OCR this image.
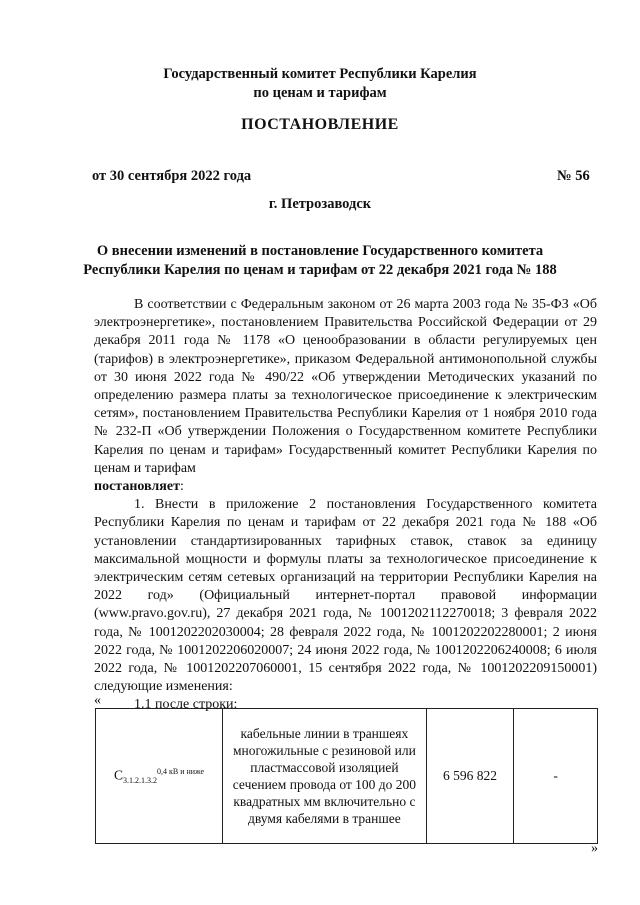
Государственный комитет Республики Карелия
по ценам и тарифам
ПОСТАНОВЛЕНИЕ
от 30 сентября 2022 года	№ 56
г. Петрозаводск
О внесении изменений в постановление Государственного комитета
Республики Карелия по ценам и тарифам от 22 декабря 2021 года № 188

В соответствии с Федеральным законом от 26 марта 2003 года № 35-ФЗ «Об электроэнергетике», постановлением Правительства Российской Федерации от 29 декабря 2011 года № 1178 «О ценообразовании в области регулируемых цен (тарифов) в электроэнергетике», приказом Федеральной антимонопольной службы от 30 июня 2022 года № 490/22 «Об утверждении Методических указаний по определению размера платы за технологическое присоединение к электрическим сетям», постановлением Правительства Республики Карелия от 1 ноября 2010 года № 232-П «Об утверждении Положения о Государственном комитете Республики Карелия по ценам и тарифам» Государственный комитет Республики Карелия по ценам и тарифам

постановляет:

1. Внести в приложение 2 постановления Государственного комитета Республики Карелия по ценам и тарифам от 22 декабря 2021 года № 188 «Об установлении стандартизированных тарифных ставок, ставок за единицу максимальной мощности и формулы платы за технологическое присоединение к электрическим сетям сетевых организаций на территории Республики Карелия на 2022 год» (Официальный интернет-портал правовой информации (www.pravo.gov.ru), 27 декабря 2021 года, № 1001202112270018; 3 февраля 2022 года, № 1001202202030004; 28 февраля 2022 года, № 1001202202280001; 2 июня 2022 года, № 1001202206020007; 24 июня 2022 года, № 1001202206240008; 6 июля 2022 года, № 1001202207060001, 15 сентября 2022 года, № 1001202209150001) следующие изменения:

1.1 после строки:

«
$С_{3.1.2.1.3.2}^{0,4 кВ и ниже}$	кабельные линии в траншеях многожильные с резиновой или пластмассовой изоляцией сечением провода от 100 до 200 квадратных мм включительно с двумя кабелями в траншее	6 596 822	-
»
